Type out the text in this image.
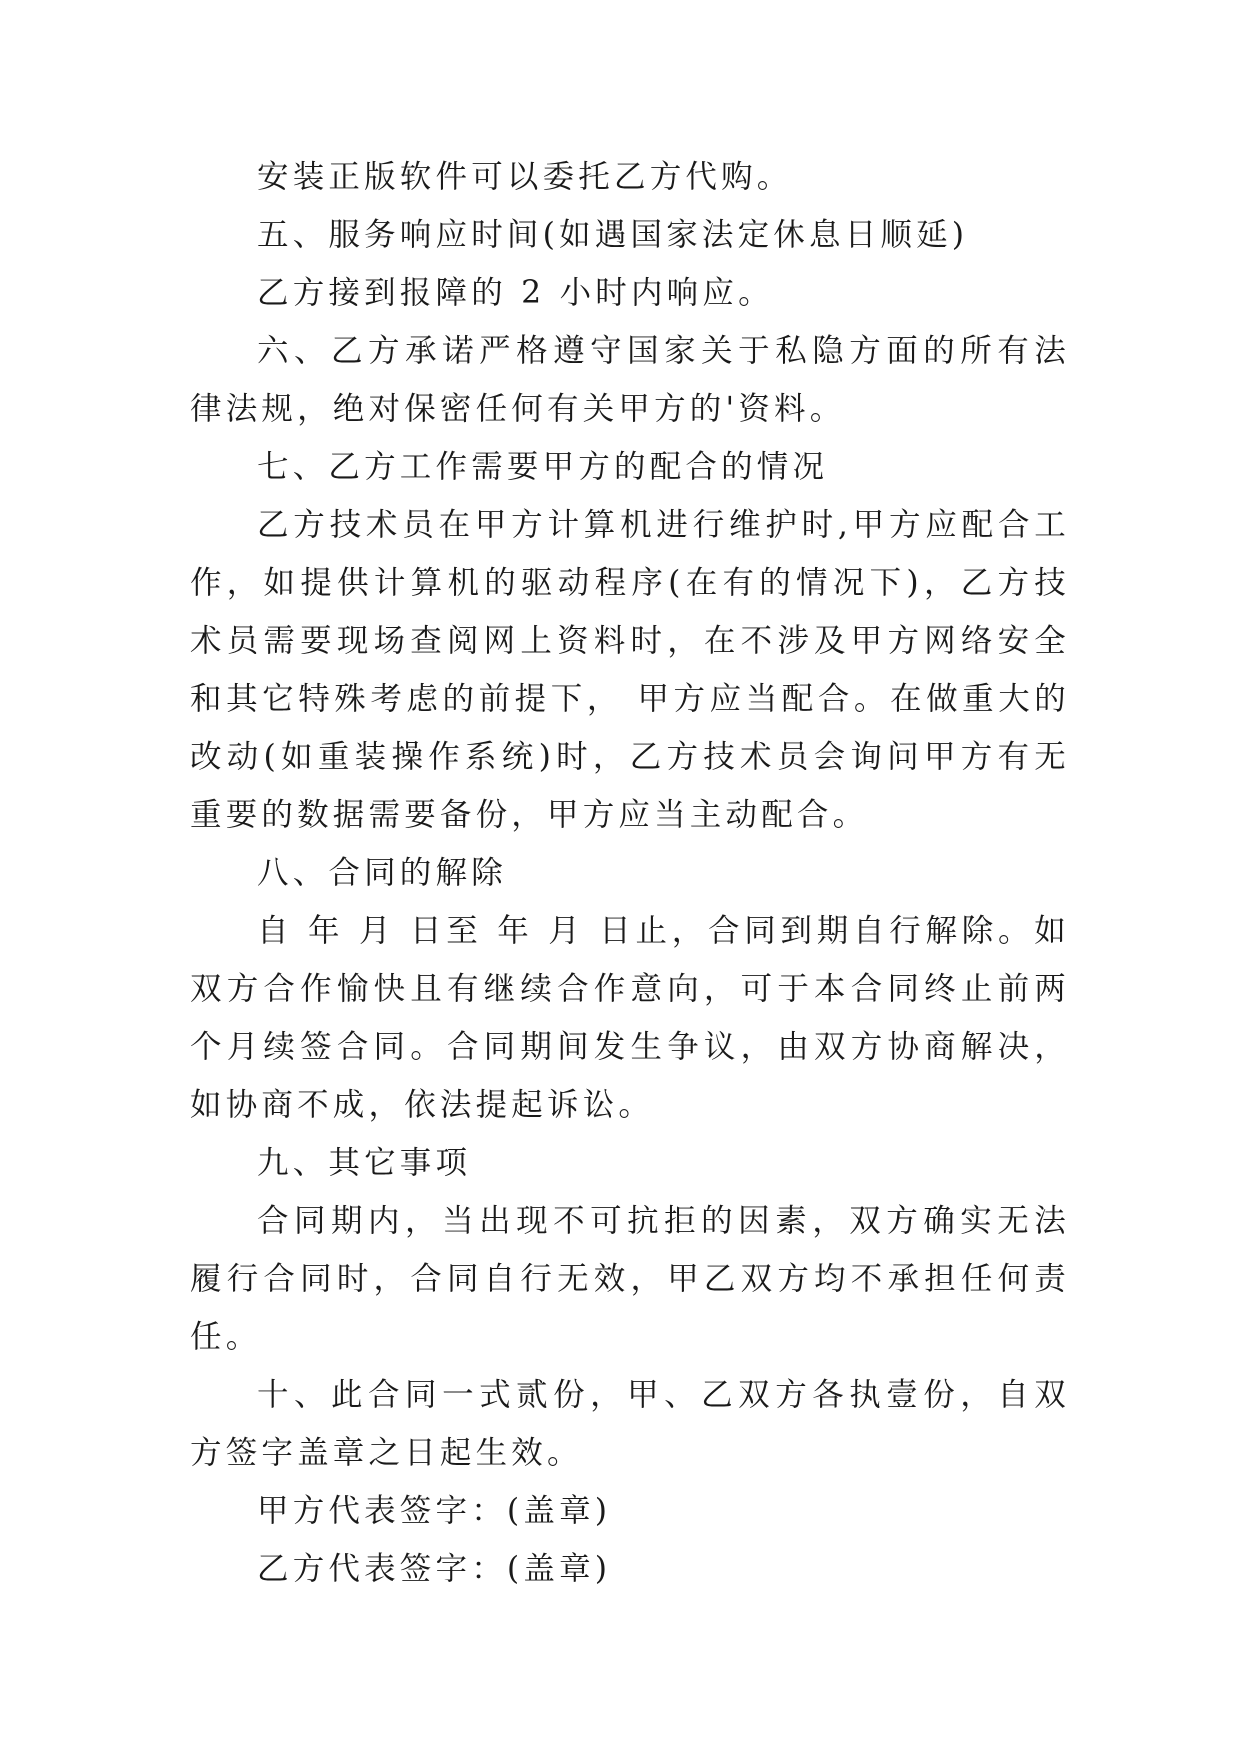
安装正版软件可以委托乙方代购。

五、服务响应时间(如遇国家法定休息日顺延)

乙方接到报障的 2 小时内响应。

六、乙方承诺严格遵守国家关于私隐方面的所有法律法规，绝对保密任何有关甲方的'资料。

七、乙方工作需要甲方的配合的情况

乙方技术员在甲方计算机进行维护时,甲方应配合工作，如提供计算机的驱动程序(在有的情况下)，乙方技术员需要现场查阅网上资料时，在不涉及甲方网络安全和其它特殊考虑的前提下， 甲方应当配合。在做重大的改动(如重装操作系统)时，乙方技术员会询问甲方有无重要的数据需要备份，甲方应当主动配合。

八、合同的解除

自 年 月 日至 年 月 日止，合同到期自行解除。如双方合作愉快且有继续合作意向，可于本合同终止前两个月续签合同。合同期间发生争议，由双方协商解决，如协商不成，依法提起诉讼。

九、其它事项

合同期内，当出现不可抗拒的因素，双方确实无法履行合同时，合同自行无效，甲乙双方均不承担任何责任。

十、此合同一式贰份，甲、乙双方各执壹份，自双方签字盖章之日起生效。

甲方代表签字：(盖章)

乙方代表签字：(盖章)
